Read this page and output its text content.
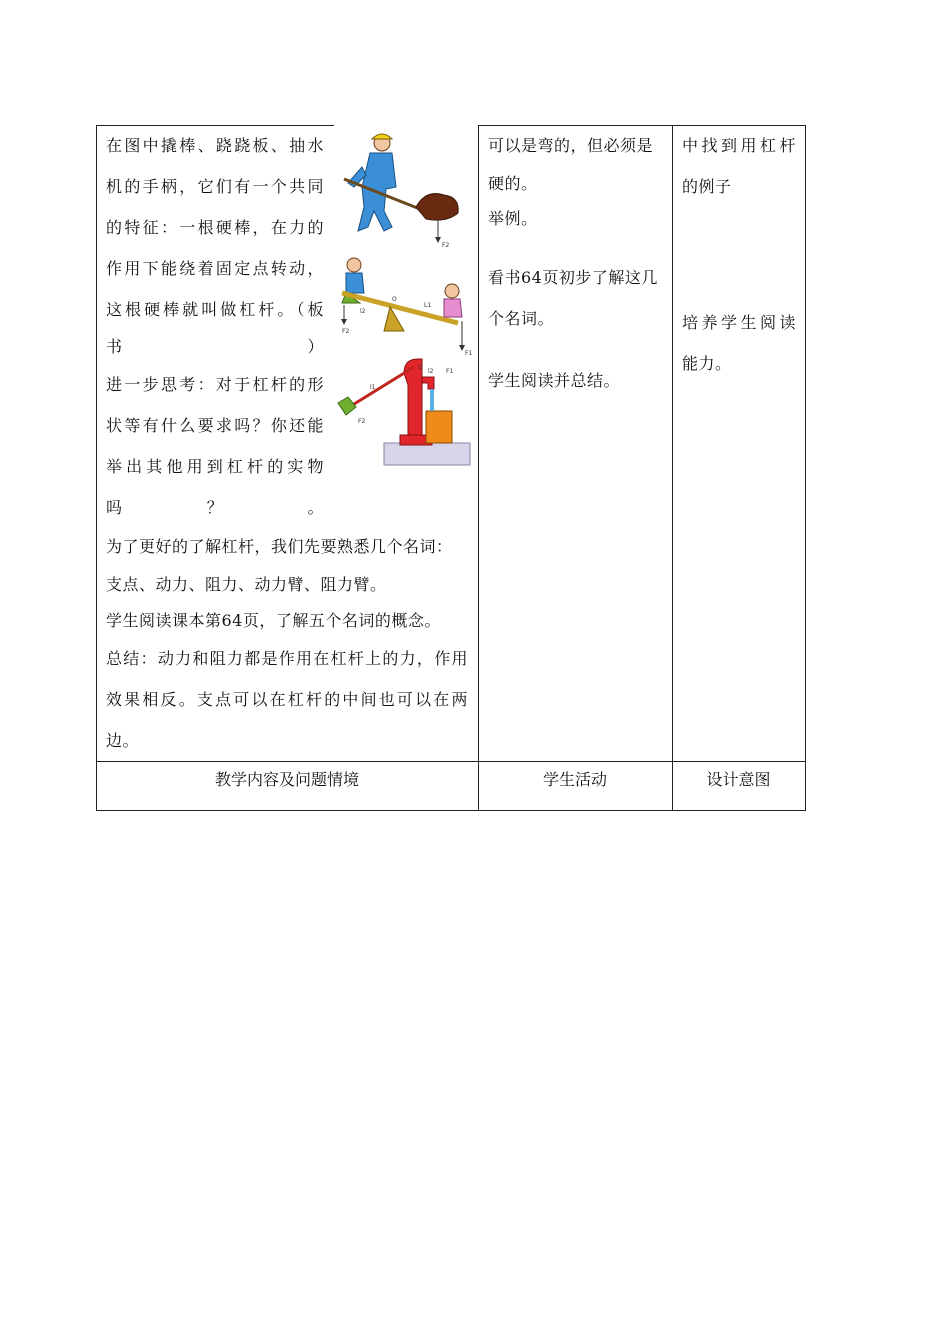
在图中撬棒、跷跷板、抽水
机的手柄，它们有一个共同
的特征：一根硬棒，在力的
作用下能绕着固定点转动，
这根硬棒就叫做杠杆。（板
书）
进一步思考：对于杠杆的形
状等有什么要求吗？你还能
举出其他用到杠杆的实物
吗？。
为了更好的了解杠杆，我们先要熟悉几个名词：
支点、动力、阻力、动力臂、阻力臂。
学生阅读课本第64页，了解五个名词的概念。
总结：动力和阻力都是作用在杠杆上的力，作用
效果相反。支点可以在杠杆的中间也可以在两
边。
F2
O
F2
l2
L1
F1
O
l1
l2 F1
F2
可以是弯的，但必须是
硬的。
举例。
看书64页初步了解这几
个名词。
学生阅读并总结。
中找到用杠杆
的例子
培养学生阅读
能力。
教学内容及问题情境	学生活动	设计意图
